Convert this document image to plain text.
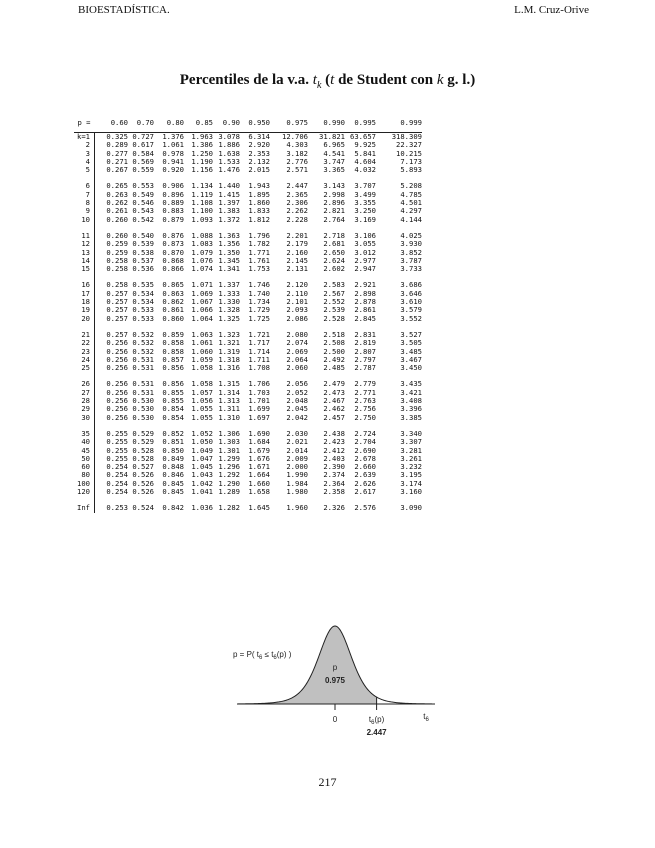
BIOESTADÍSTICA.	L.M. Cruz-Orive
Percentiles de la v.a. $t_k$ (t de Student con k g. l.)
p =	0.60	0.70	0.80	0.85	0.90	0.950	0.975	0.990	0.995	0.999

k=1	0.325	0.727	1.376	1.963	3.078	6.314	12.706	31.821	63.657	318.309
2	0.289	0.617	1.061	1.386	1.886	2.920	4.303	6.965	9.925	22.327
3	0.277	0.584	0.978	1.250	1.638	2.353	3.182	4.541	5.841	10.215
4	0.271	0.569	0.941	1.190	1.533	2.132	2.776	3.747	4.604	7.173
5	0.267	0.559	0.920	1.156	1.476	2.015	2.571	3.365	4.032	5.893

6	0.265	0.553	0.906	1.134	1.440	1.943	2.447	3.143	3.707	5.208
7	0.263	0.549	0.896	1.119	1.415	1.895	2.365	2.998	3.499	4.785
8	0.262	0.546	0.889	1.108	1.397	1.860	2.306	2.896	3.355	4.501
9	0.261	0.543	0.883	1.100	1.383	1.833	2.262	2.821	3.250	4.297
10	0.260	0.542	0.879	1.093	1.372	1.812	2.228	2.764	3.169	4.144

11	0.260	0.540	0.876	1.088	1.363	1.796	2.201	2.718	3.106	4.025
12	0.259	0.539	0.873	1.083	1.356	1.782	2.179	2.681	3.055	3.930
13	0.259	0.538	0.870	1.079	1.350	1.771	2.160	2.650	3.012	3.852
14	0.258	0.537	0.868	1.076	1.345	1.761	2.145	2.624	2.977	3.787
15	0.258	0.536	0.866	1.074	1.341	1.753	2.131	2.602	2.947	3.733

16	0.258	0.535	0.865	1.071	1.337	1.746	2.120	2.583	2.921	3.686
17	0.257	0.534	0.863	1.069	1.333	1.740	2.110	2.567	2.898	3.646
18	0.257	0.534	0.862	1.067	1.330	1.734	2.101	2.552	2.878	3.610
19	0.257	0.533	0.861	1.066	1.328	1.729	2.093	2.539	2.861	3.579
20	0.257	0.533	0.860	1.064	1.325	1.725	2.086	2.528	2.845	3.552

21	0.257	0.532	0.859	1.063	1.323	1.721	2.080	2.518	2.831	3.527
22	0.256	0.532	0.858	1.061	1.321	1.717	2.074	2.508	2.819	3.505
23	0.256	0.532	0.858	1.060	1.319	1.714	2.069	2.500	2.807	3.485
24	0.256	0.531	0.857	1.059	1.318	1.711	2.064	2.492	2.797	3.467
25	0.256	0.531	0.856	1.058	1.316	1.708	2.060	2.485	2.787	3.450

26	0.256	0.531	0.856	1.058	1.315	1.706	2.056	2.479	2.779	3.435
27	0.256	0.531	0.855	1.057	1.314	1.703	2.052	2.473	2.771	3.421
28	0.256	0.530	0.855	1.056	1.313	1.701	2.048	2.467	2.763	3.408
29	0.256	0.530	0.854	1.055	1.311	1.699	2.045	2.462	2.756	3.396
30	0.256	0.530	0.854	1.055	1.310	1.697	2.042	2.457	2.750	3.385

35	0.255	0.529	0.852	1.052	1.306	1.690	2.030	2.438	2.724	3.340
40	0.255	0.529	0.851	1.050	1.303	1.684	2.021	2.423	2.704	3.307
45	0.255	0.528	0.850	1.049	1.301	1.679	2.014	2.412	2.690	3.281
50	0.255	0.528	0.849	1.047	1.299	1.676	2.009	2.403	2.678	3.261
60	0.254	0.527	0.848	1.045	1.296	1.671	2.000	2.390	2.660	3.232
80	0.254	0.526	0.846	1.043	1.292	1.664	1.990	2.374	2.639	3.195
100	0.254	0.526	0.845	1.042	1.290	1.660	1.984	2.364	2.626	3.174
120	0.254	0.526	0.845	1.041	1.289	1.658	1.980	2.358	2.617	3.160

Inf	0.253	0.524	0.842	1.036	1.282	1.645	1.960	2.326	2.576	3.090
p = P( $t_6 \le t_6(p)$ )
p
0.975
0	$t_6(p)$
2.447
$t_6$
217
